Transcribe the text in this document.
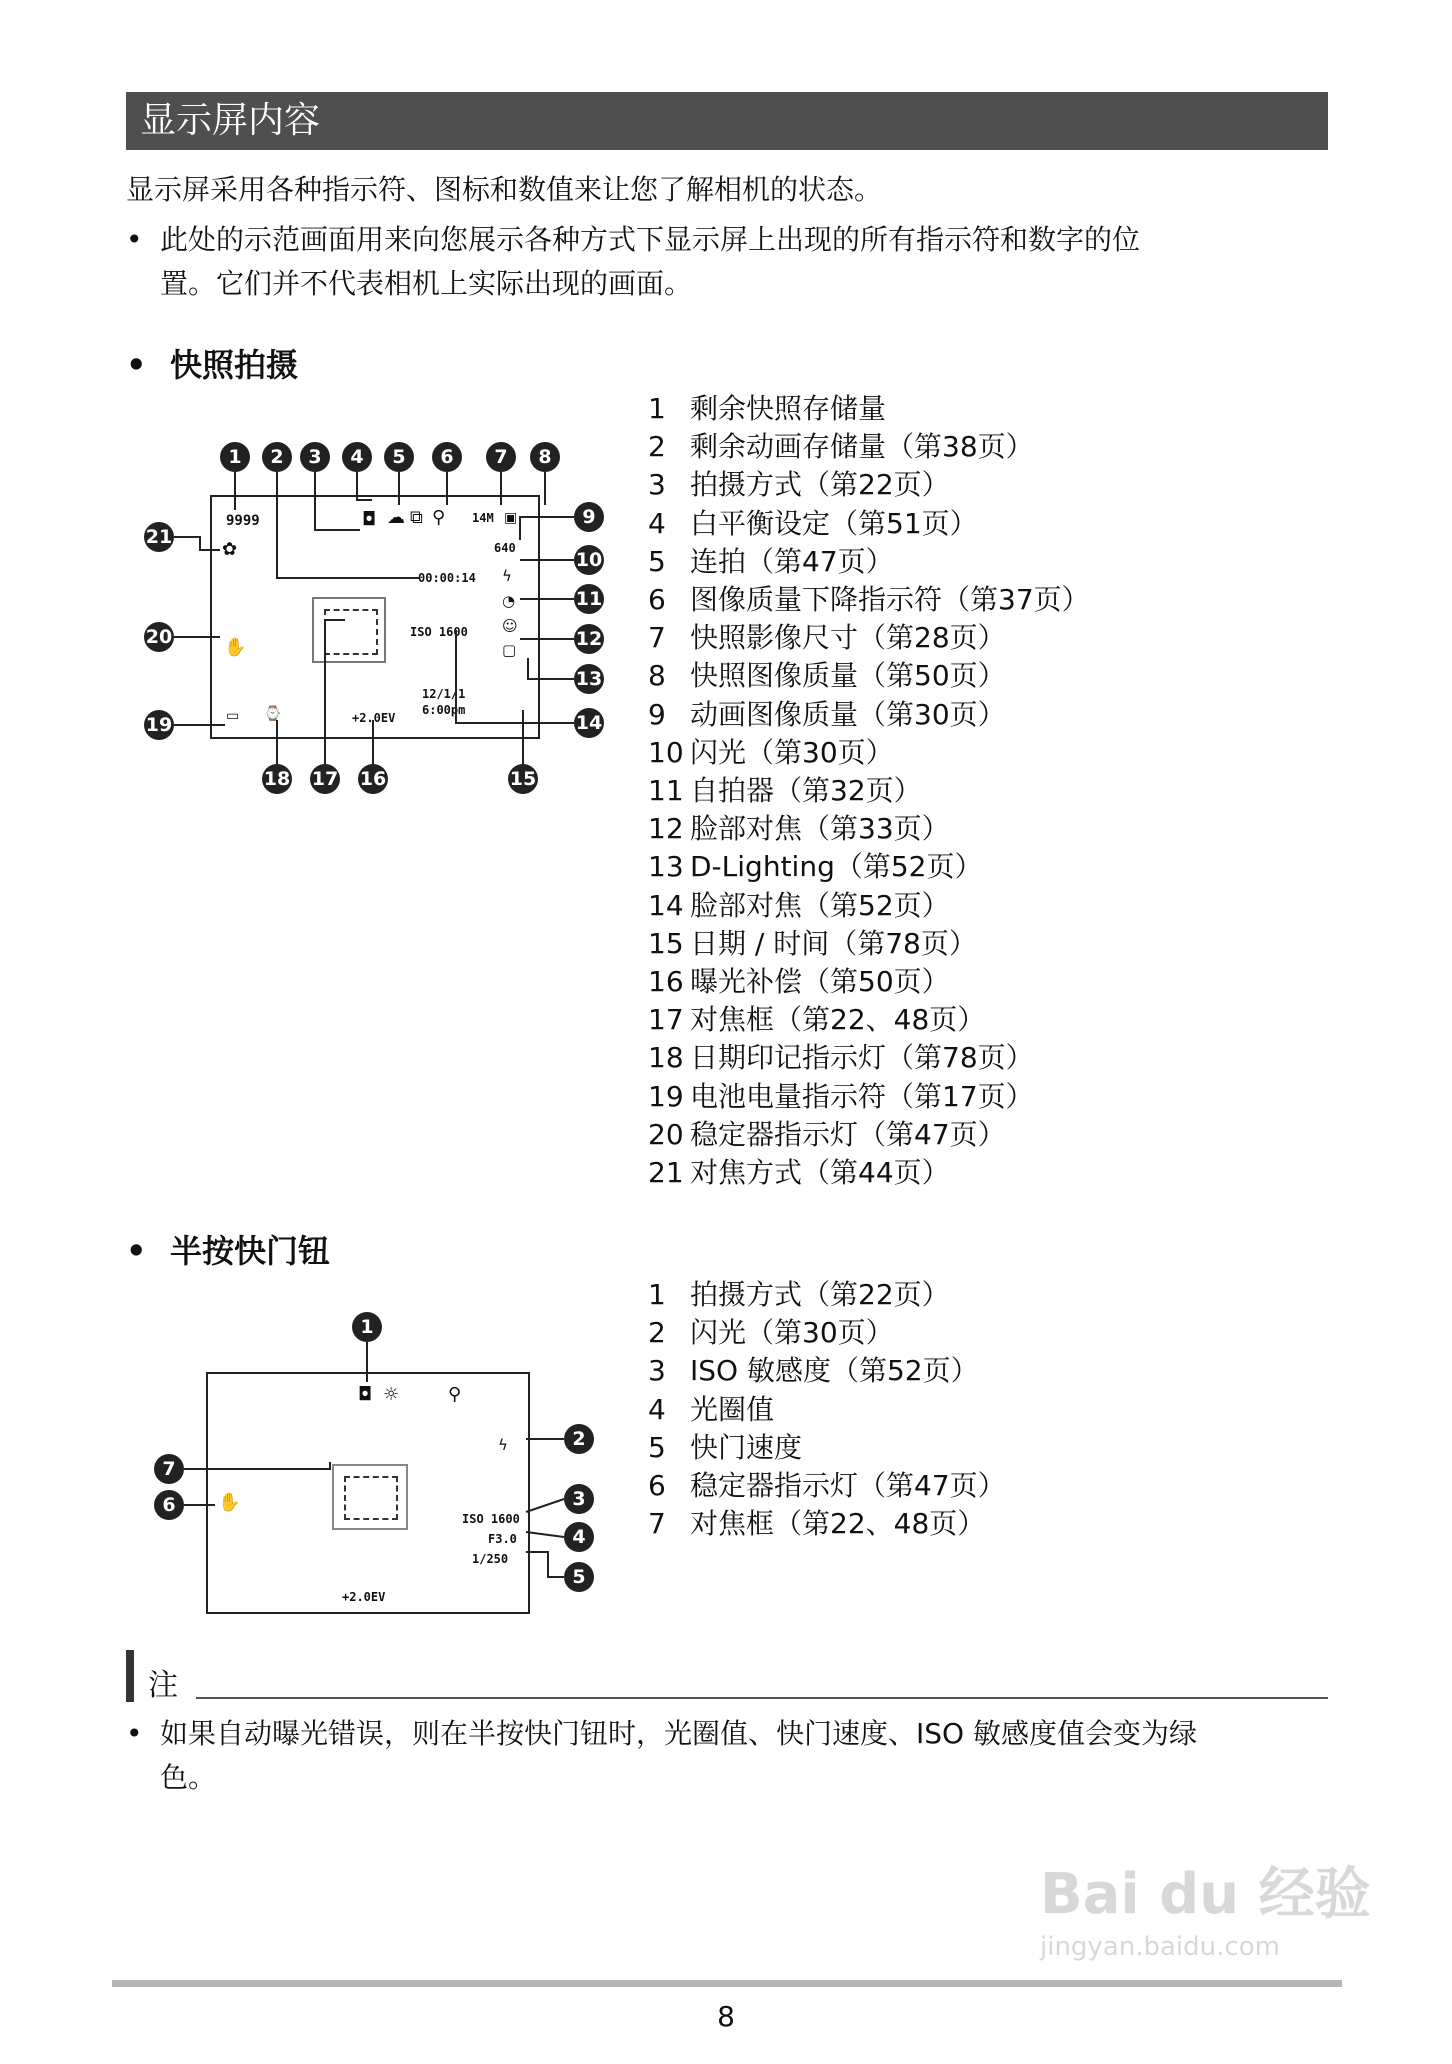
显示屏内容
显示屏采用各种指示符、图标和数值来让您了解相机的状态。
• 此处的示范画面用来向您展示各种方式下显示屏上出现的所有指示符和数字的位
置。它们并不代表相机上实际出现的画面。
• 快照拍摄
1 剩余快照存储量
2 剩余动画存储量（第38页）
3 拍摄方式（第22页）
4 白平衡设定（第51页）
5 连拍（第47页）
6 图像质量下降指示符（第37页）
7 快照影像尺寸（第28页）
8 快照图像质量（第50页）
9 动画图像质量（第30页）
10 闪光（第30页）
11 自拍器（第32页）
12 脸部对焦（第33页）
13 D-Lighting（第52页）
14 脸部对焦（第52页）
15 日期 / 时间（第78页）
16 曝光补偿（第50页）
17 对焦框（第22、48页）
18 日期印记指示灯（第78页）
19 电池电量指示符（第17页）
20 稳定器指示灯（第47页）
21 对焦方式（第44页）
9999	◘ ☁ ⧉ ⚲ 14M ▣
640
✿
00:00:14 ϟ
◔
☺
▢
ISO 1600
✋
12/1/1
6:00pm
▭ ⌚	+2.0EV
1	2	3	4	5	6	7	8
9
10
11
12
13
14
15
16
17
18
19
20
21
• 半按快门钮
1 拍摄方式（第22页）
2 闪光（第30页）
3 ISO 敏感度（第52页）
4 光圈值
5 快门速度
6 稳定器指示灯（第47页）
7 对焦框（第22、48页）
◘ ☼	⚲
ϟ
✋
ISO 1600
F3.0
1/250
+2.0EV
1
2
3
4
5
6
7
注
• 如果自动曝光错误，则在半按快门钮时，光圈值、快门速度、ISO 敏感度值会变为绿
色。
Bai du 经验
jingyan.baidu.com
8
